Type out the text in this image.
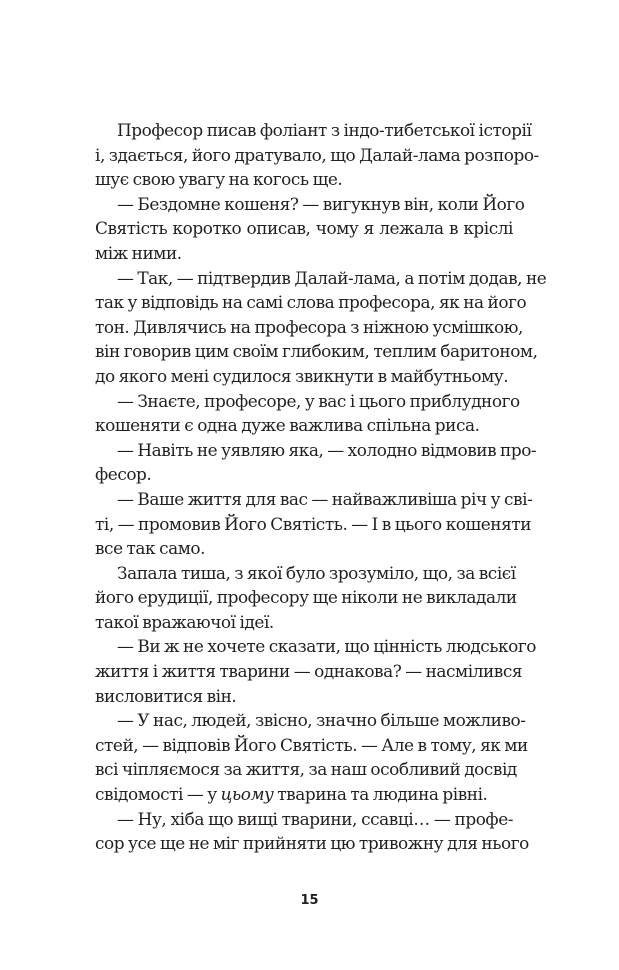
Професор писав фоліант з індо-тибетської історії
і, здається, його дратувало, що Далай-лама розпоро-
шує свою увагу на когось ще.
— Бездомне кошеня? — вигукнув він, коли Його
Святість коротко описав, чому я лежала в кріслі
між ними.
— Так, — підтвердив Далай-лама, а потім додав, не
так у відповідь на самі слова професора, як на його
тон. Дивлячись на професора з ніжною усмішкою,
він говорив цим своїм глибоким, теплим баритоном,
до якого мені судилося звикнути в майбутньому.
— Знаєте, професоре, у вас і цього приблудного
кошеняти є одна дуже важлива спільна риса.
— Навіть не уявляю яка, — холодно відмовив про-
фесор.
— Ваше життя для вас — найважливіша річ у сві-
ті, — промовив Його Святість. — І в цього кошеняти
все так само.
Запала тиша, з якої було зрозуміло, що, за всієї
його ерудиції, професору ще ніколи не викладали
такої вражаючої ідеї.
— Ви ж не хочете сказати, що цінність людського
життя і життя тварини — однакова? — насмілився
висловитися він.
— У нас, людей, звісно, значно більше можливо-
стей, — відповів Його Святість. — Але в тому, як ми
всі чіпляємося за життя, за наш особливий досвід
свідомості — у цьому тварина та людина рівні.
— Ну, хіба що вищі тварини, ссавці… — профе-
сор усе ще не міг прийняти цю тривожну для нього
15
